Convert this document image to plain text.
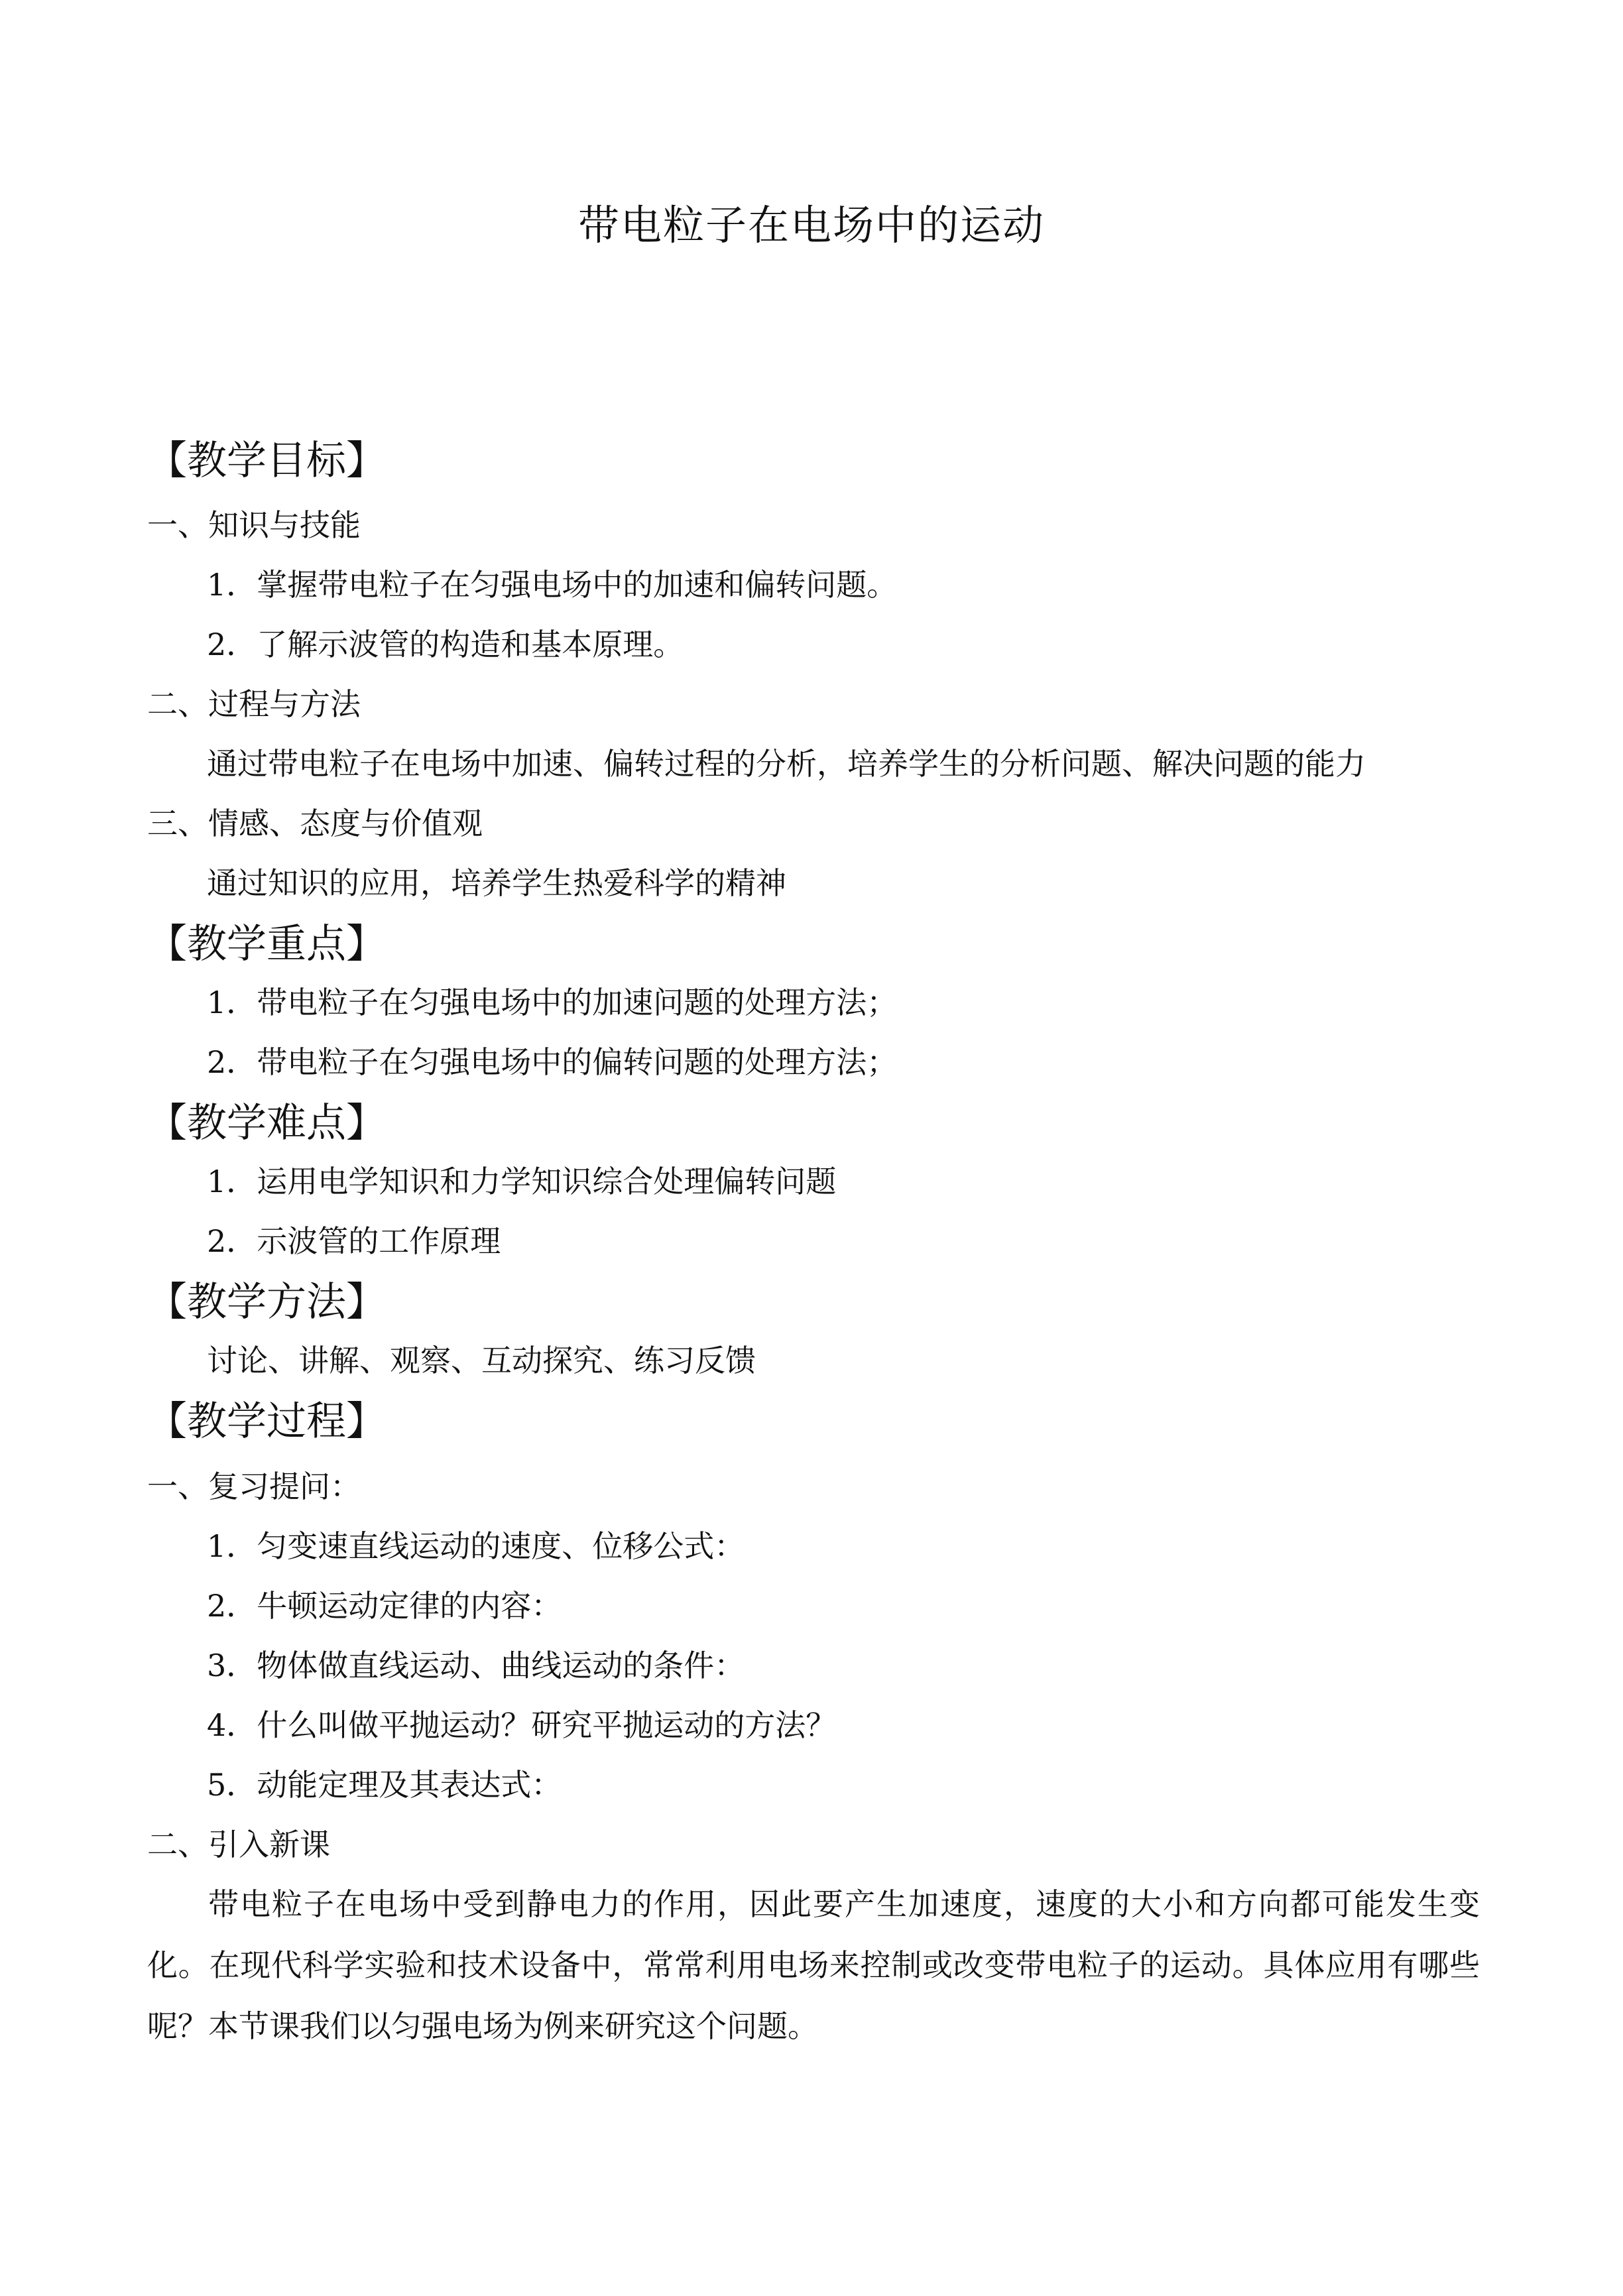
带电粒子在电场中的运动
【教学目标】
一、知识与技能
1．掌握带电粒子在匀强电场中的加速和偏转问题。
2．了解示波管的构造和基本原理。
二、过程与方法
通过带电粒子在电场中加速、偏转过程的分析，培养学生的分析问题、解决问题的能力
三、情感、态度与价值观
通过知识的应用，培养学生热爱科学的精神
【教学重点】
1．带电粒子在匀强电场中的加速问题的处理方法；
2．带电粒子在匀强电场中的偏转问题的处理方法；
【教学难点】
1．运用电学知识和力学知识综合处理偏转问题
2．示波管的工作原理
【教学方法】
讨论、讲解、观察、互动探究、练习反馈
【教学过程】
一、复习提问：
1．匀变速直线运动的速度、位移公式：
2．牛顿运动定律的内容：
3．物体做直线运动、曲线运动的条件：
4．什么叫做平抛运动？研究平抛运动的方法？
5．动能定理及其表达式：
二、引入新课
带电粒子在电场中受到静电力的作用，因此要产生加速度，速度的大小和方向都可能发生变化。在现代科学实验和技术设备中，常常利用电场来控制或改变带电粒子的运动。具体应用有哪些呢？本节课我们以匀强电场为例来研究这个问题。
